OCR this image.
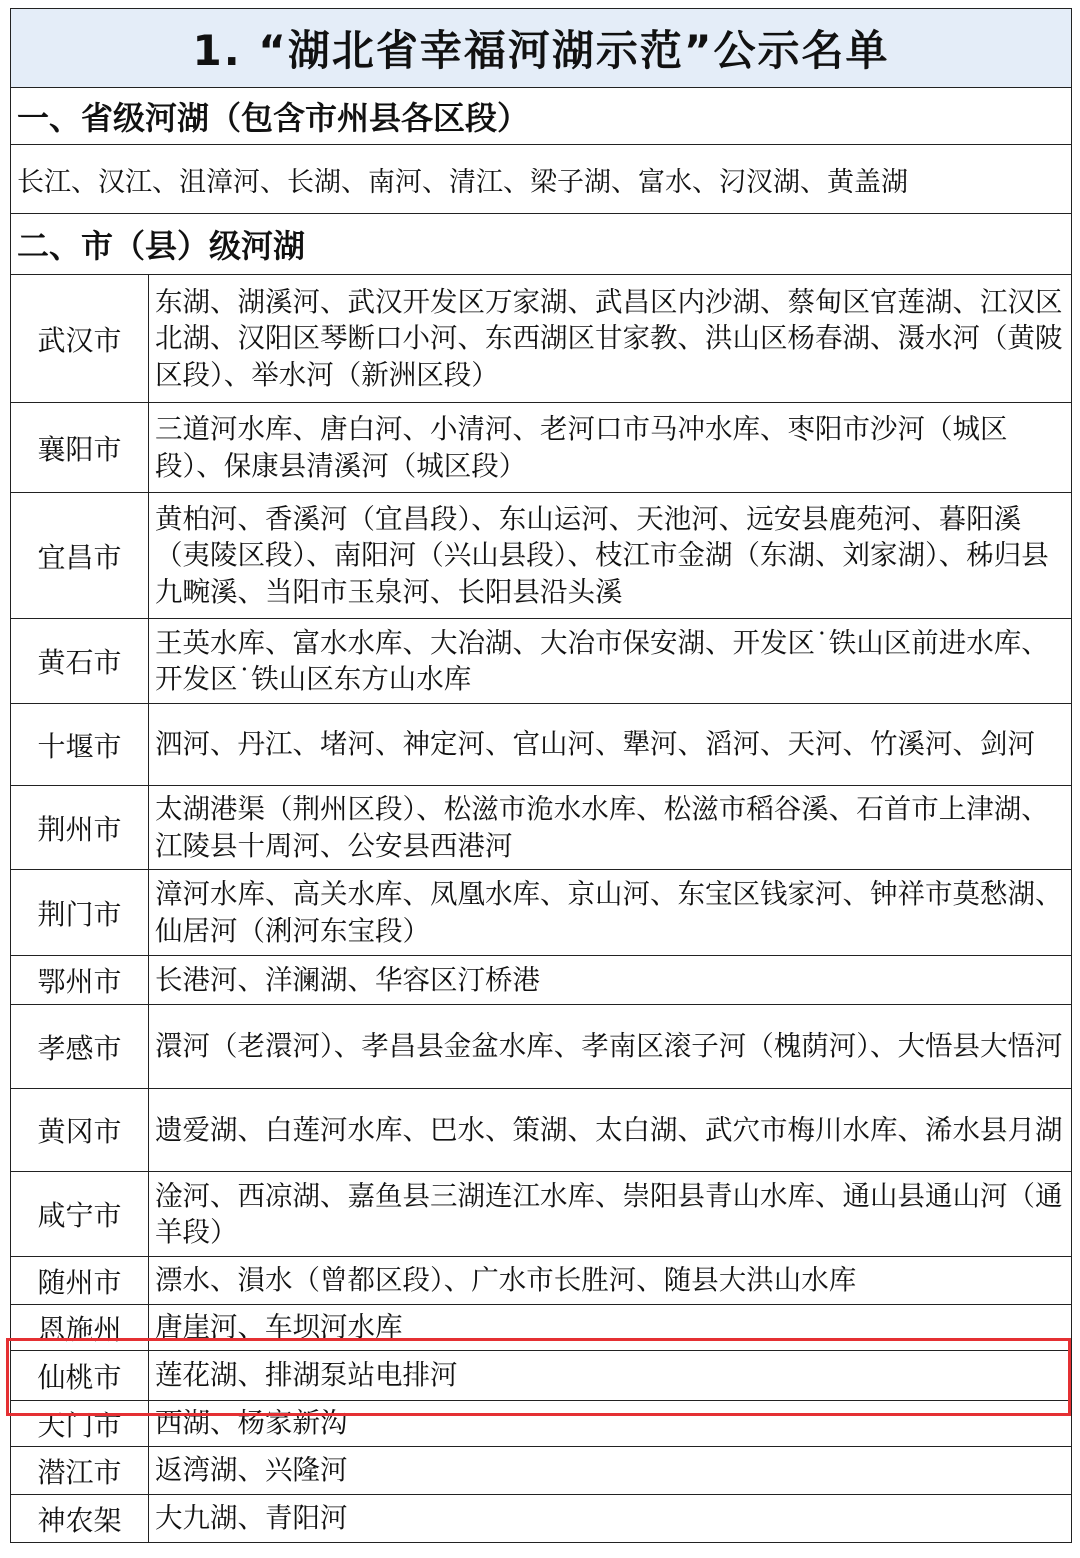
1. “湖北省幸福河湖示范”公示名单	
一、省级河湖（包含市州县各区段）	
长江、汉江、沮漳河、长湖、南河、清江、梁子湖、富水、汈汊湖、黄盖湖	
二、市（县）级河湖	
武汉市	东湖、湖溪河、武汉开发区万家湖、武昌区内沙湖、蔡甸区官莲湖、江汉区北湖、汉阳区琴断口小河、东西湖区甘家教、洪山区杨春湖、滠水河（黄陂区段）、举水河（新洲区段）
襄阳市	三道河水库、唐白河、小清河、老河口市马冲水库、枣阳市沙河（城区段）、保康县清溪河（城区段）
宜昌市	黄柏河、香溪河（宜昌段）、东山运河、天池河、远安县鹿苑河、暮阳溪（夷陵区段）、南阳河（兴山县段）、枝江市金湖（东湖、刘家湖）、秭归县九畹溪、当阳市玉泉河、长阳县沿头溪
黄石市	王英水库、富水水库、大冶湖、大冶市保安湖、开发区˙铁山区前进水库、开发区˙铁山区东方山水库
十堰市	泗河、丹江、堵河、神定河、官山河、犟河、滔河、天河、竹溪河、剑河
荆州市	太湖港渠（荆州区段）、松滋市洈水水库、松滋市稻谷溪、石首市上津湖、江陵县十周河、公安县西港河
荆门市	漳河水库、高关水库、凤凰水库、京山河、东宝区钱家河、钟祥市莫愁湖、仙居河（浰河东宝段）
鄂州市	长港河、洋澜湖、华容区汀桥港
孝感市	澴河（老澴河）、孝昌县金盆水库、孝南区滚子河（槐荫河）、大悟县大悟河
黄冈市	遗爱湖、白莲河水库、巴水、策湖、太白湖、武穴市梅川水库、浠水县月湖
咸宁市	淦河、西凉湖、嘉鱼县三湖连江水库、崇阳县青山水库、通山县通山河（通羊段）
随州市	漂水、溳水（曾都区段）、广水市长胜河、随县大洪山水库
恩施州	唐崖河、车坝河水库
仙桃市	莲花湖、排湖泵站电排河
天门市	西湖、杨家新沟
潜江市	返湾湖、兴隆河
神农架	大九湖、青阳河
